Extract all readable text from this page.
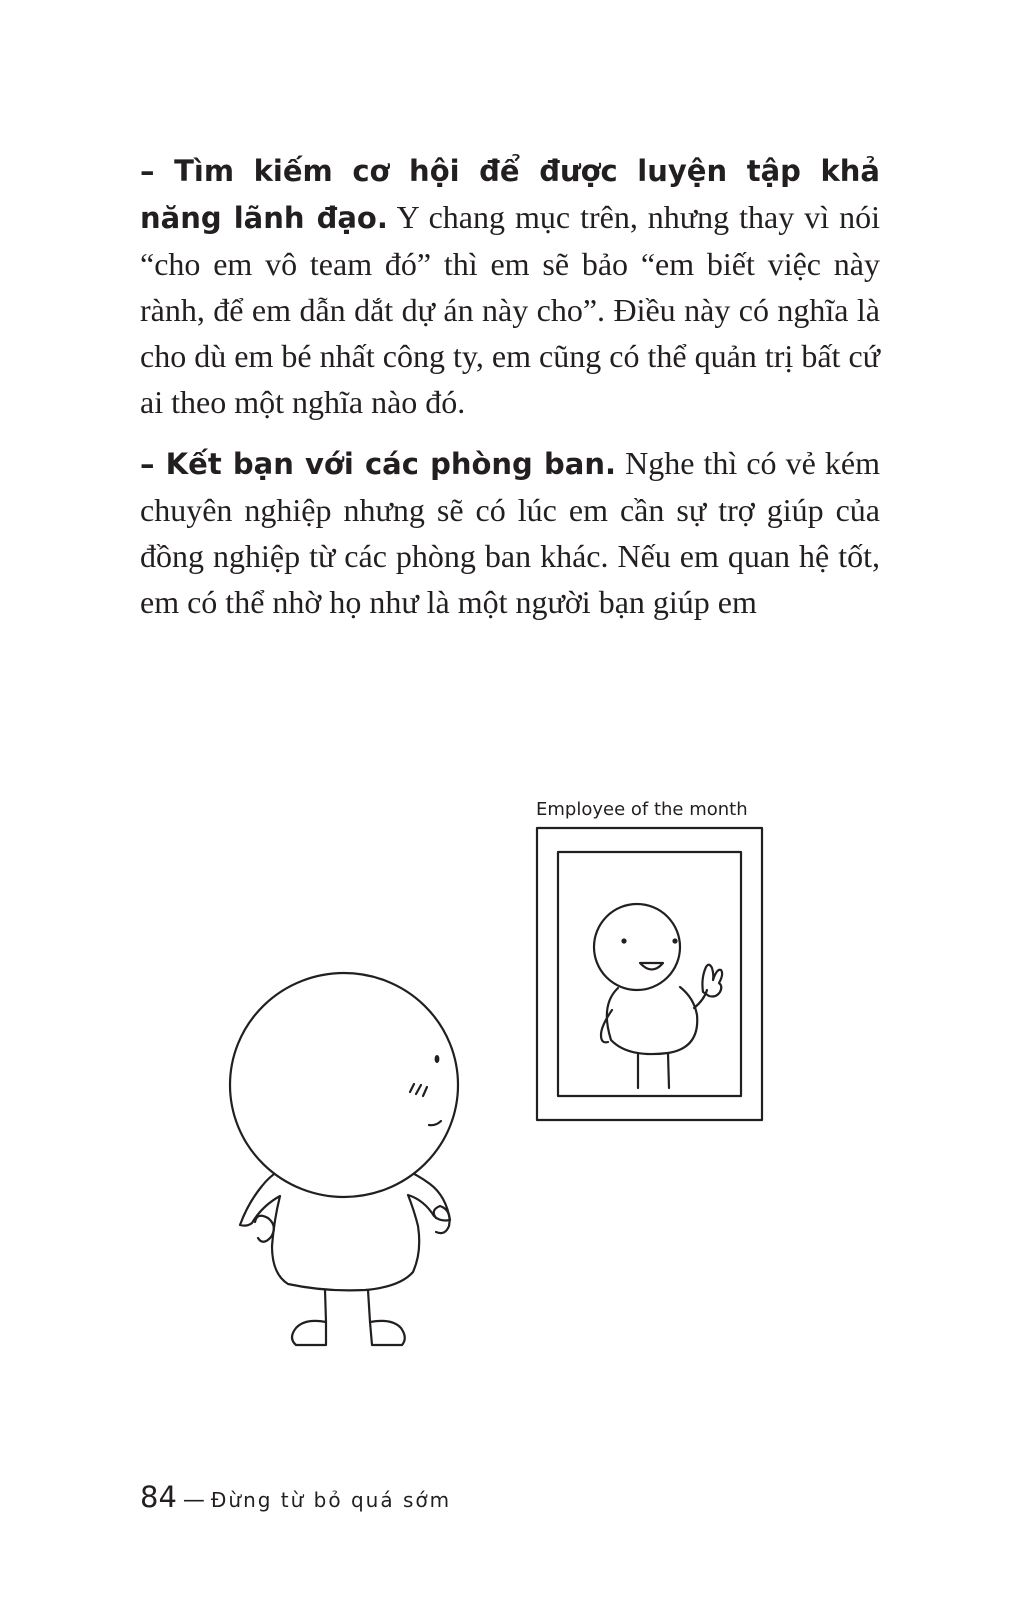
– Tìm kiếm cơ hội để được luyện tập khả năng lãnh đạo. Y chang mục trên, nhưng thay vì nói “cho em vô team đó” thì em sẽ bảo “em biết việc này rành, để em dẫn dắt dự án này cho”. Điều này có nghĩa là cho dù em bé nhất công ty, em cũng có thể quản trị bất cứ ai theo một nghĩa nào đó.

– Kết bạn với các phòng ban. Nghe thì có vẻ kém chuyên nghiệp nhưng sẽ có lúc em cần sự trợ giúp của đồng nghiệp từ các phòng ban khác. Nếu em quan hệ tốt, em có thể nhờ họ như là một người bạn giúp em

Employee of the month
84 — Đừng từ bỏ quá sớm
